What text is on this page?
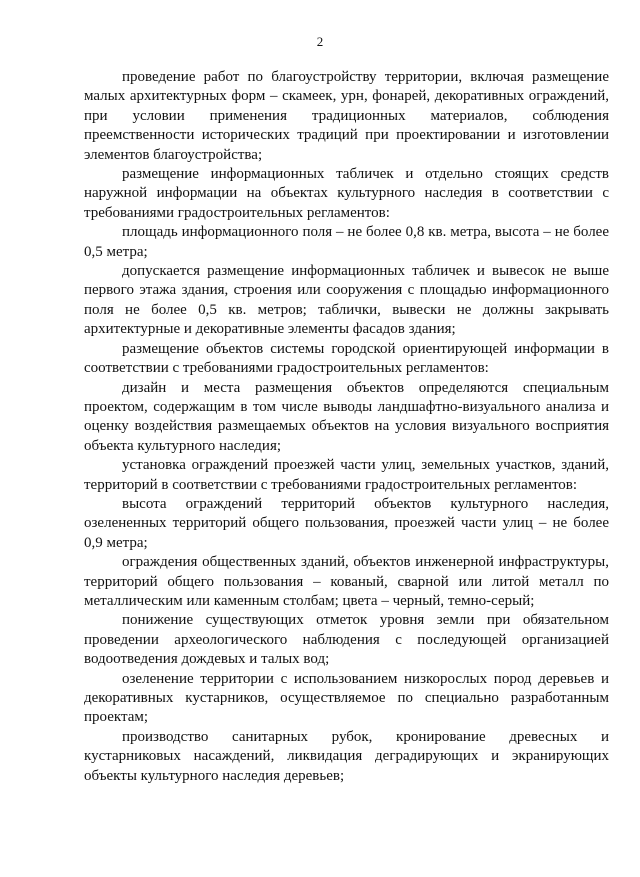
2

проведение работ по благоустройству территории, включая размещение малых архитектурных форм – скамеек, урн, фонарей, декоративных ограждений, при условии применения традиционных материалов, соблюдения преемственности исторических традиций при проектировании и изготовлении элементов благоустройства;

размещение информационных табличек и отдельно стоящих средств наружной информации на объектах культурного наследия в соответствии с требованиями градостроительных регламентов:

площадь информационного поля – не более 0,8 кв. метра, высота – не более 0,5 метра;

допускается размещение информационных табличек и вывесок не выше первого этажа здания, строения или сооружения с площадью информационного поля не более 0,5 кв. метров; таблички, вывески не должны закрывать архитектурные и декоративные элементы фасадов здания;

размещение объектов системы городской ориентирующей информации в соответствии с требованиями градостроительных регламентов:

дизайн и места размещения объектов определяются специальным проектом, содержащим в том числе выводы ландшафтно-визуального анализа и оценку воздействия размещаемых объектов на условия визуального восприятия объекта культурного наследия;

установка ограждений проезжей части улиц, земельных участков, зданий, территорий в соответствии с требованиями градостроительных регламентов:

высота ограждений территорий объектов культурного наследия, озелененных территорий общего пользования, проезжей части улиц – не более 0,9 метра;

ограждения общественных зданий, объектов инженерной инфраструктуры, территорий общего пользования – кованый, сварной или литой металл по металлическим или каменным столбам; цвета – черный, темно-серый;

понижение существующих отметок уровня земли при обязательном проведении археологического наблюдения с последующей организацией водоотведения дождевых и талых вод;

озеленение территории с использованием низкорослых пород деревьев и декоративных кустарников, осуществляемое по специально разработанным проектам;

производство санитарных рубок, кронирование древесных и кустарниковых насаждений, ликвидация деградирующих и экранирующих объекты культурного наследия деревьев;
